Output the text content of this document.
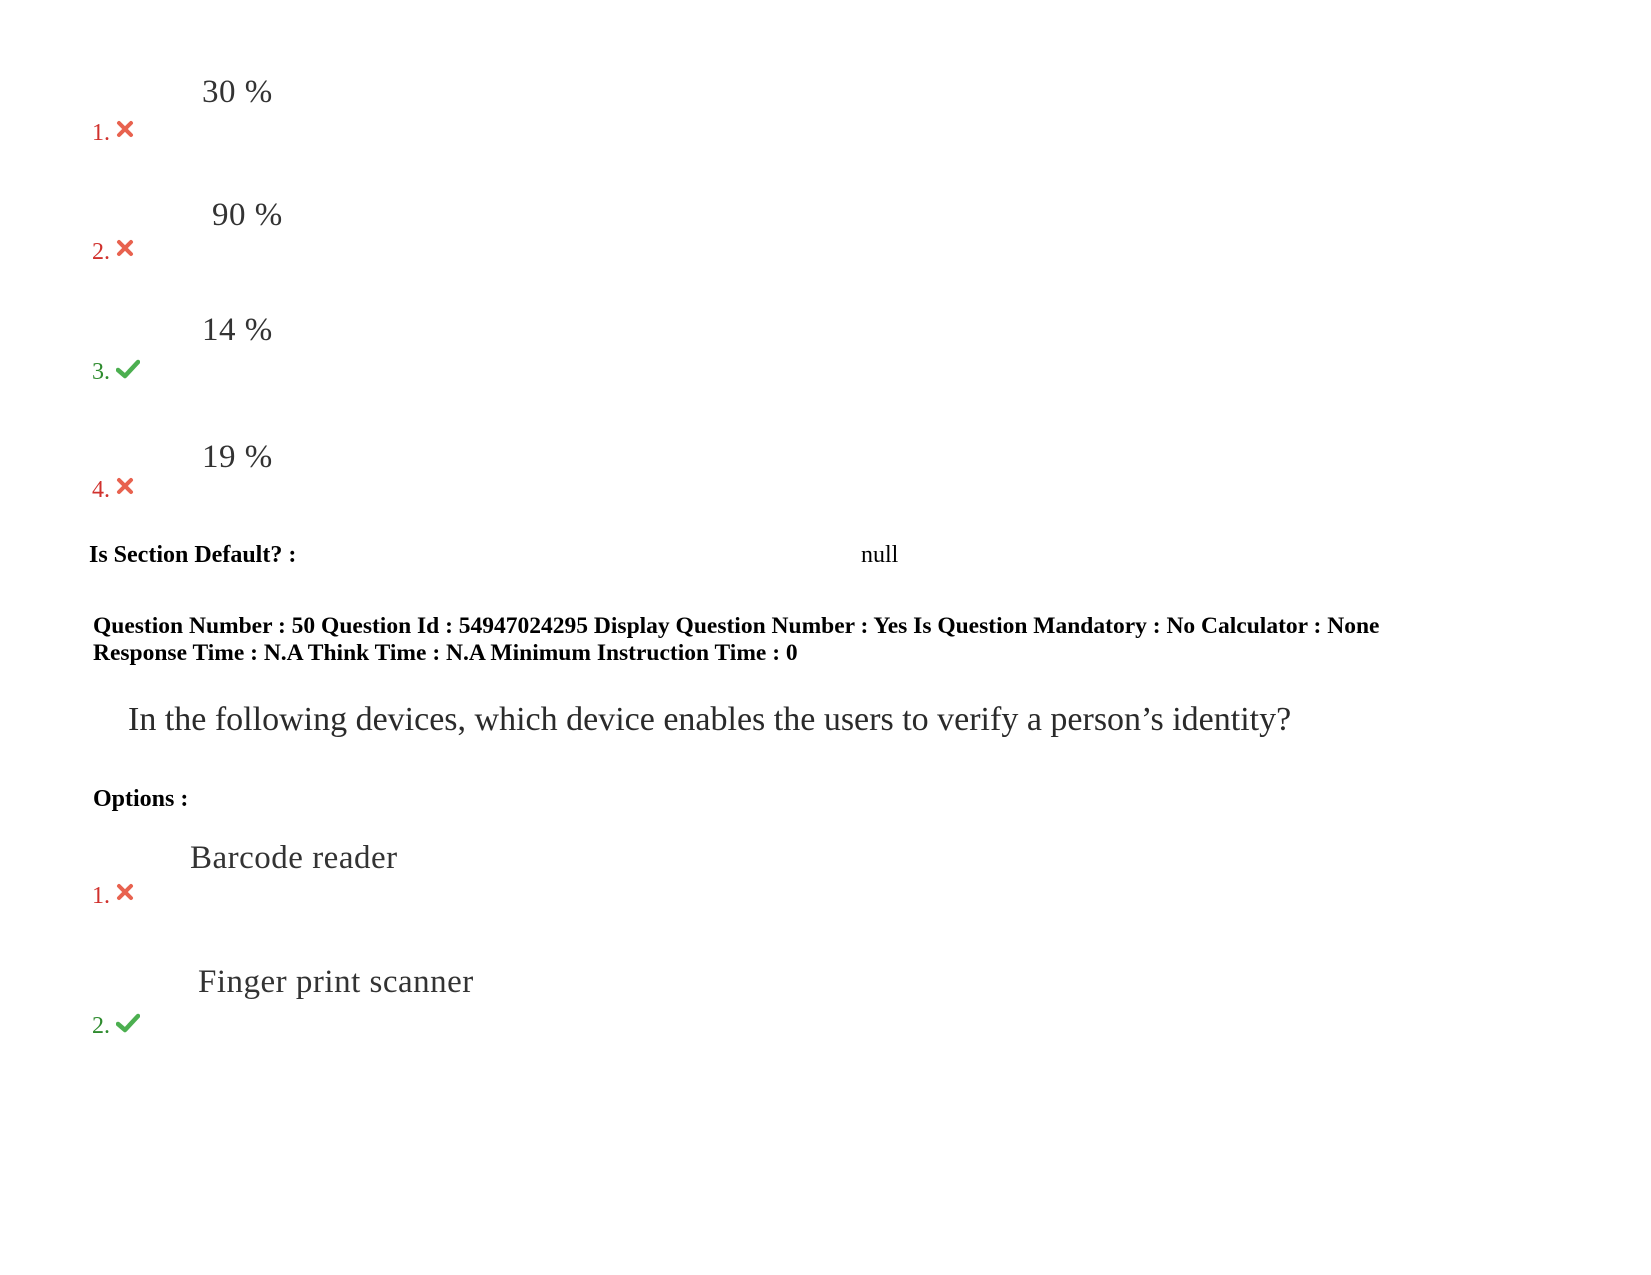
30 %
1.
90 %
2.
14 %
3.
19 %
4.
Is Section Default? :	null
Question Number : 50 Question Id : 54947024295 Display Question Number : Yes Is Question Mandatory : No Calculator : None
Response Time : N.A Think Time : N.A Minimum Instruction Time : 0
In the following devices, which device enables the users to verify a person’s identity?
Options :
Barcode reader
1.
Finger print scanner
2.
